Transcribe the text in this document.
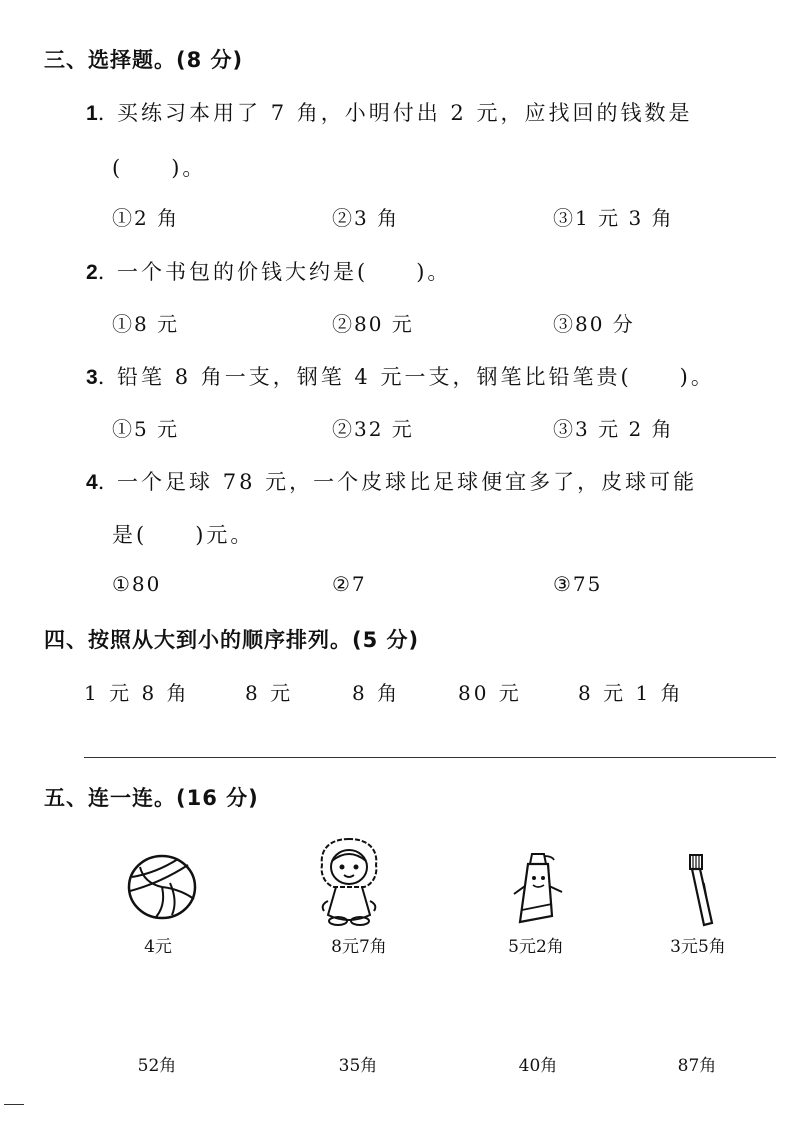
三、选择题。(8 分)
1. 买练习本用了 7 角，小明付出 2 元，应找回的钱数是
(　　)。
①2 角	②3 角	③1 元 3 角
2. 一个书包的价钱大约是(　　)。
①8 元	②80 元	③80 分
3. 铅笔 8 角一支，钢笔 4 元一支，钢笔比铅笔贵(　　)。
①5 元	②32 元	③3 元 2 角
4. 一个足球 78 元，一个皮球比足球便宜多了，皮球可能
是(　　)元。
①80	②7	③75
四、按照从大到小的顺序排列。(5 分)
1 元 8 角	8 元	8 角	80 元	8 元 1 角
五、连一连。(16 分)
4元	8元7角	5元2角	3元5角
52角	35角	40角	87角
